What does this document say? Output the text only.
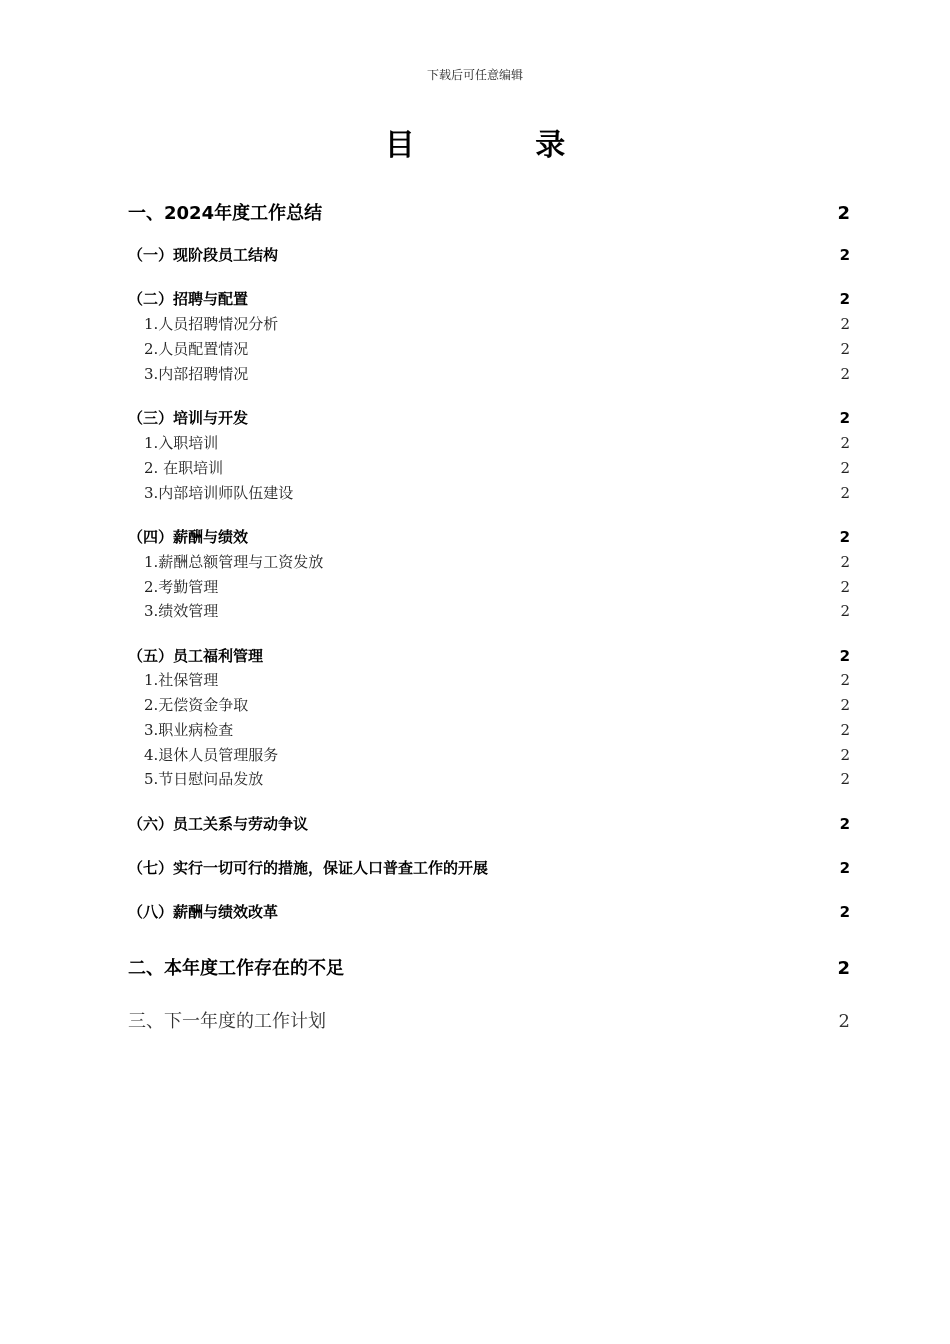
下载后可任意编辑
目 录
一、2024年度工作总结	2
（一）现阶段员工结构	2
（二）招聘与配置	2
1.人员招聘情况分析	2
2.人员配置情况	2
3.内部招聘情况	2
（三）培训与开发	2
1.入职培训	2
2. 在职培训	2
3.内部培训师队伍建设	2
（四）薪酬与绩效	2
1.薪酬总额管理与工资发放	2
2.考勤管理	2
3.绩效管理	2
（五）员工福利管理	2
1.社保管理	2
2.无偿资金争取	2
3.职业病检查	2
4.退休人员管理服务	2
5.节日慰问品发放	2
（六）员工关系与劳动争议	2
（七）实行一切可行的措施，保证人口普查工作的开展	2
（八）薪酬与绩效改革	2
二、本年度工作存在的不足	2
三、下一年度的工作计划	2
